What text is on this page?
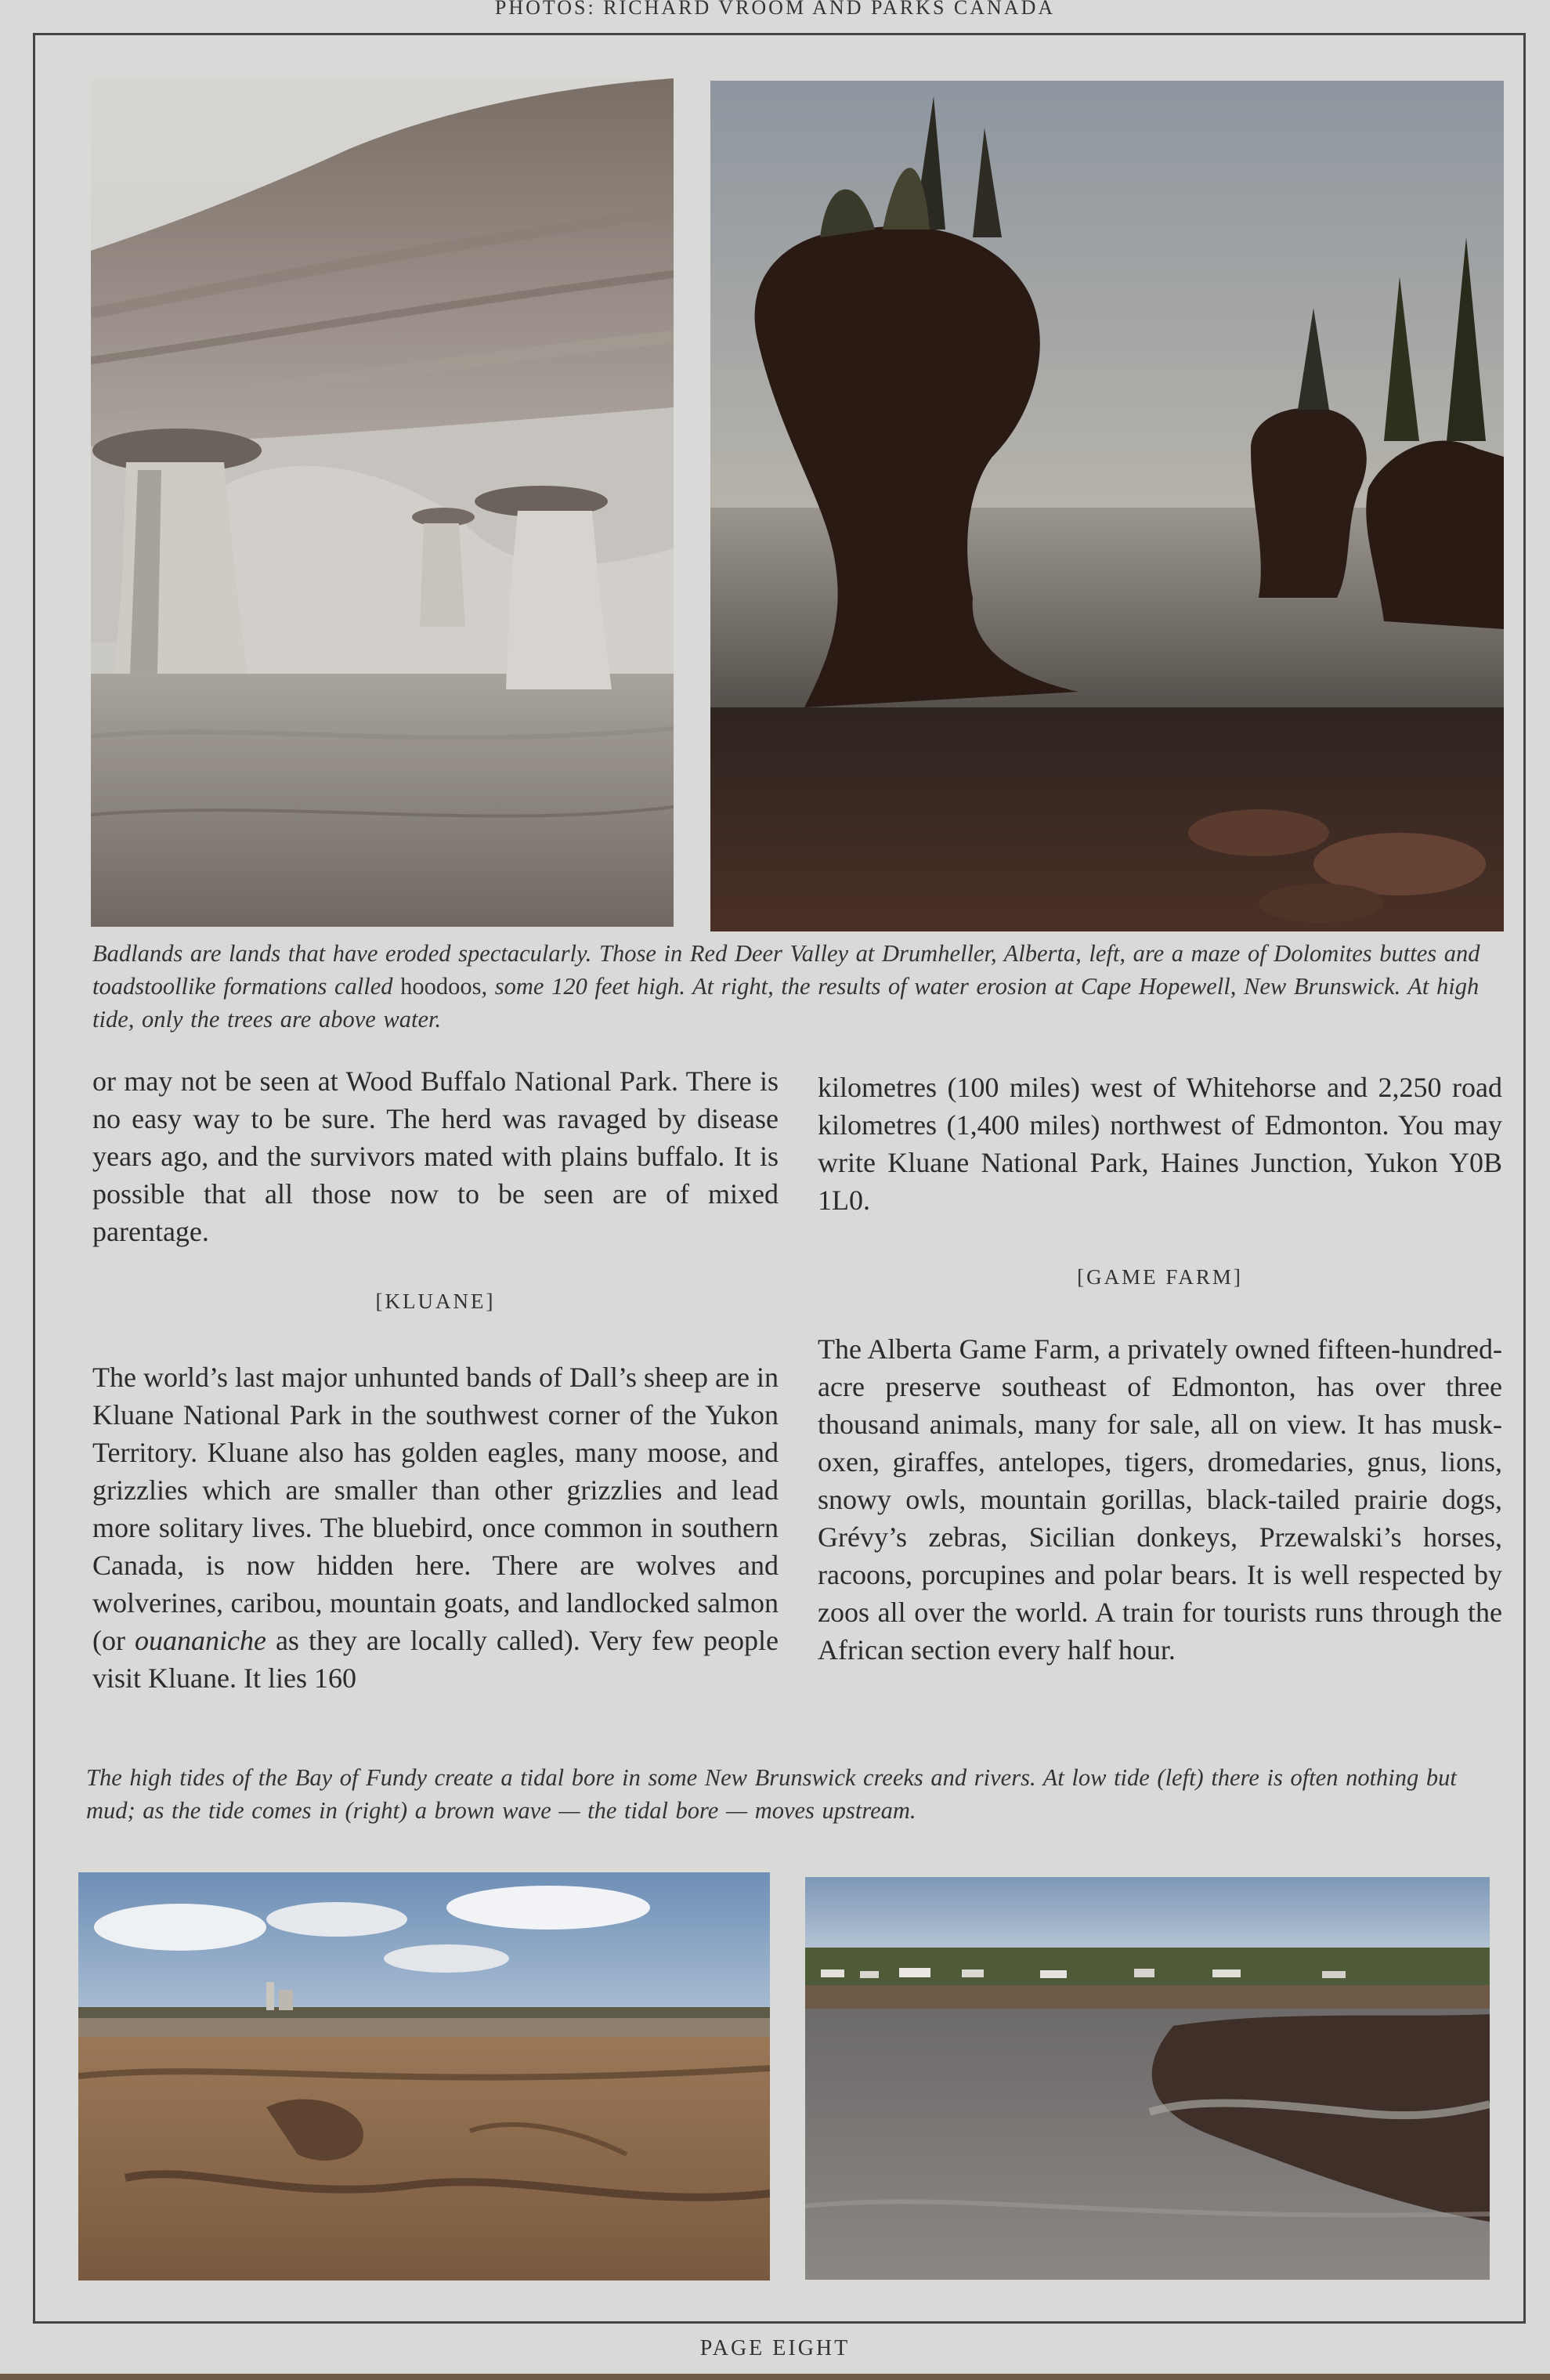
PHOTOS: RICHARD VROOM AND PARKS CANADA
Badlands are lands that have eroded spectacularly. Those in Red Deer Valley at Drumheller, Alberta, left, are a maze of Dolomites buttes and toadstoollike formations called hoodoos, some 120 feet high. At right, the results of water erosion at Cape Hopewell, New Brunswick. At high tide, only the trees are above water.

or may not be seen at Wood Buffalo National Park. There is no easy way to be sure. The herd was ravaged by disease years ago, and the survivors mated with plains buffalo. It is possible that all those now to be seen are of mixed parentage.

[KLUANE]

The world’s last major unhunted bands of Dall’s sheep are in Kluane National Park in the southwest corner of the Yukon Territory. Kluane also has golden eagles, many moose, and grizzlies which are smaller than other grizzlies and lead more solitary lives. The bluebird, once common in southern Canada, is now hidden here. There are wolves and wolverines, caribou, mountain goats, and landlocked salmon (or ouananiche as they are locally called). Very few people visit Kluane. It lies 160

kilometres (100 miles) west of Whitehorse and 2,250 road kilometres (1,400 miles) northwest of Edmonton. You may write Kluane National Park, Haines Junction, Yukon Y0B 1L0.

[GAME FARM]

The Alberta Game Farm, a privately owned fifteen-hundred-acre preserve southeast of Edmonton, has over three thousand animals, many for sale, all on view. It has musk-oxen, giraffes, antelopes, tigers, dromedaries, gnus, lions, snowy owls, mountain gorillas, black-tailed prairie dogs, Grévy’s zebras, Sicilian donkeys, Przewalski’s horses, racoons, porcupines and polar bears. It is well respected by zoos all over the world. A train for tourists runs through the African section every half hour.

The high tides of the Bay of Fundy create a tidal bore in some New Brunswick creeks and rivers. At low tide (left) there is often nothing but mud; as the tide comes in (right) a brown wave — the tidal bore — moves upstream.
PAGE EIGHT
